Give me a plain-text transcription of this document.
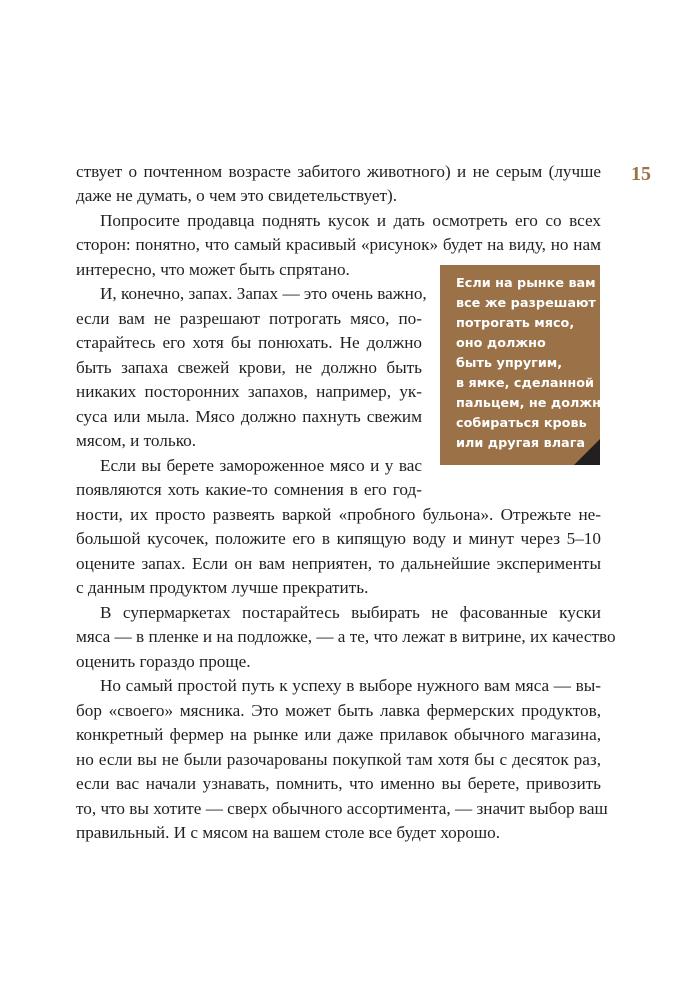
15
ствует о почтенном возрасте забитого животного) и не серым (лучше
даже не думать, о чем это свидетельствует).
Попросите продавца поднять кусок и дать осмотреть его со всех
сторон: понятно, что самый красивый «рисунок» будет на виду, но нам
интересно, что может быть спрятано.
И, конечно, запах. Запах — это очень важно,
если вам не разрешают потрогать мясо, по-
старайтесь его хотя бы понюхать. Не должно
быть запаха свежей крови, не должно быть
никаких посторонних запахов, например, ук-
суса или мыла. Мясо должно пахнуть свежим
мясом, и только.
Если вы берете замороженное мясо и у вас
появляются хоть какие-то сомнения в его год-
ности, их просто развеять варкой «пробного бульона». Отрежьте не-
большой кусочек, положите его в кипящую воду и минут через 5–10
оцените запах. Если он вам неприятен, то дальнейшие эксперименты
с данным продуктом лучше прекратить.
В супермаркетах постарайтесь выбирать не фасованные куски
мяса — в пленке и на подложке, — а те, что лежат в витрине, их качество
оценить гораздо проще.
Но самый простой путь к успеху в выборе нужного вам мяса — вы-
бор «своего» мясника. Это может быть лавка фермерских продуктов,
конкретный фермер на рынке или даже прилавок обычного магазина,
но если вы не были разочарованы покупкой там хотя бы с десяток раз,
если вас начали узнавать, помнить, что именно вы берете, привозить
то, что вы хотите — сверх обычного ассортимента, — значит выбор ваш
правильный. И с мясом на вашем столе все будет хорошо.
Если на рынке вам
все же разрешают
потрогать мясо,
оно должно
быть упругим,
в ямке, сделанной
пальцем, не должна
собираться кровь
или другая влага
